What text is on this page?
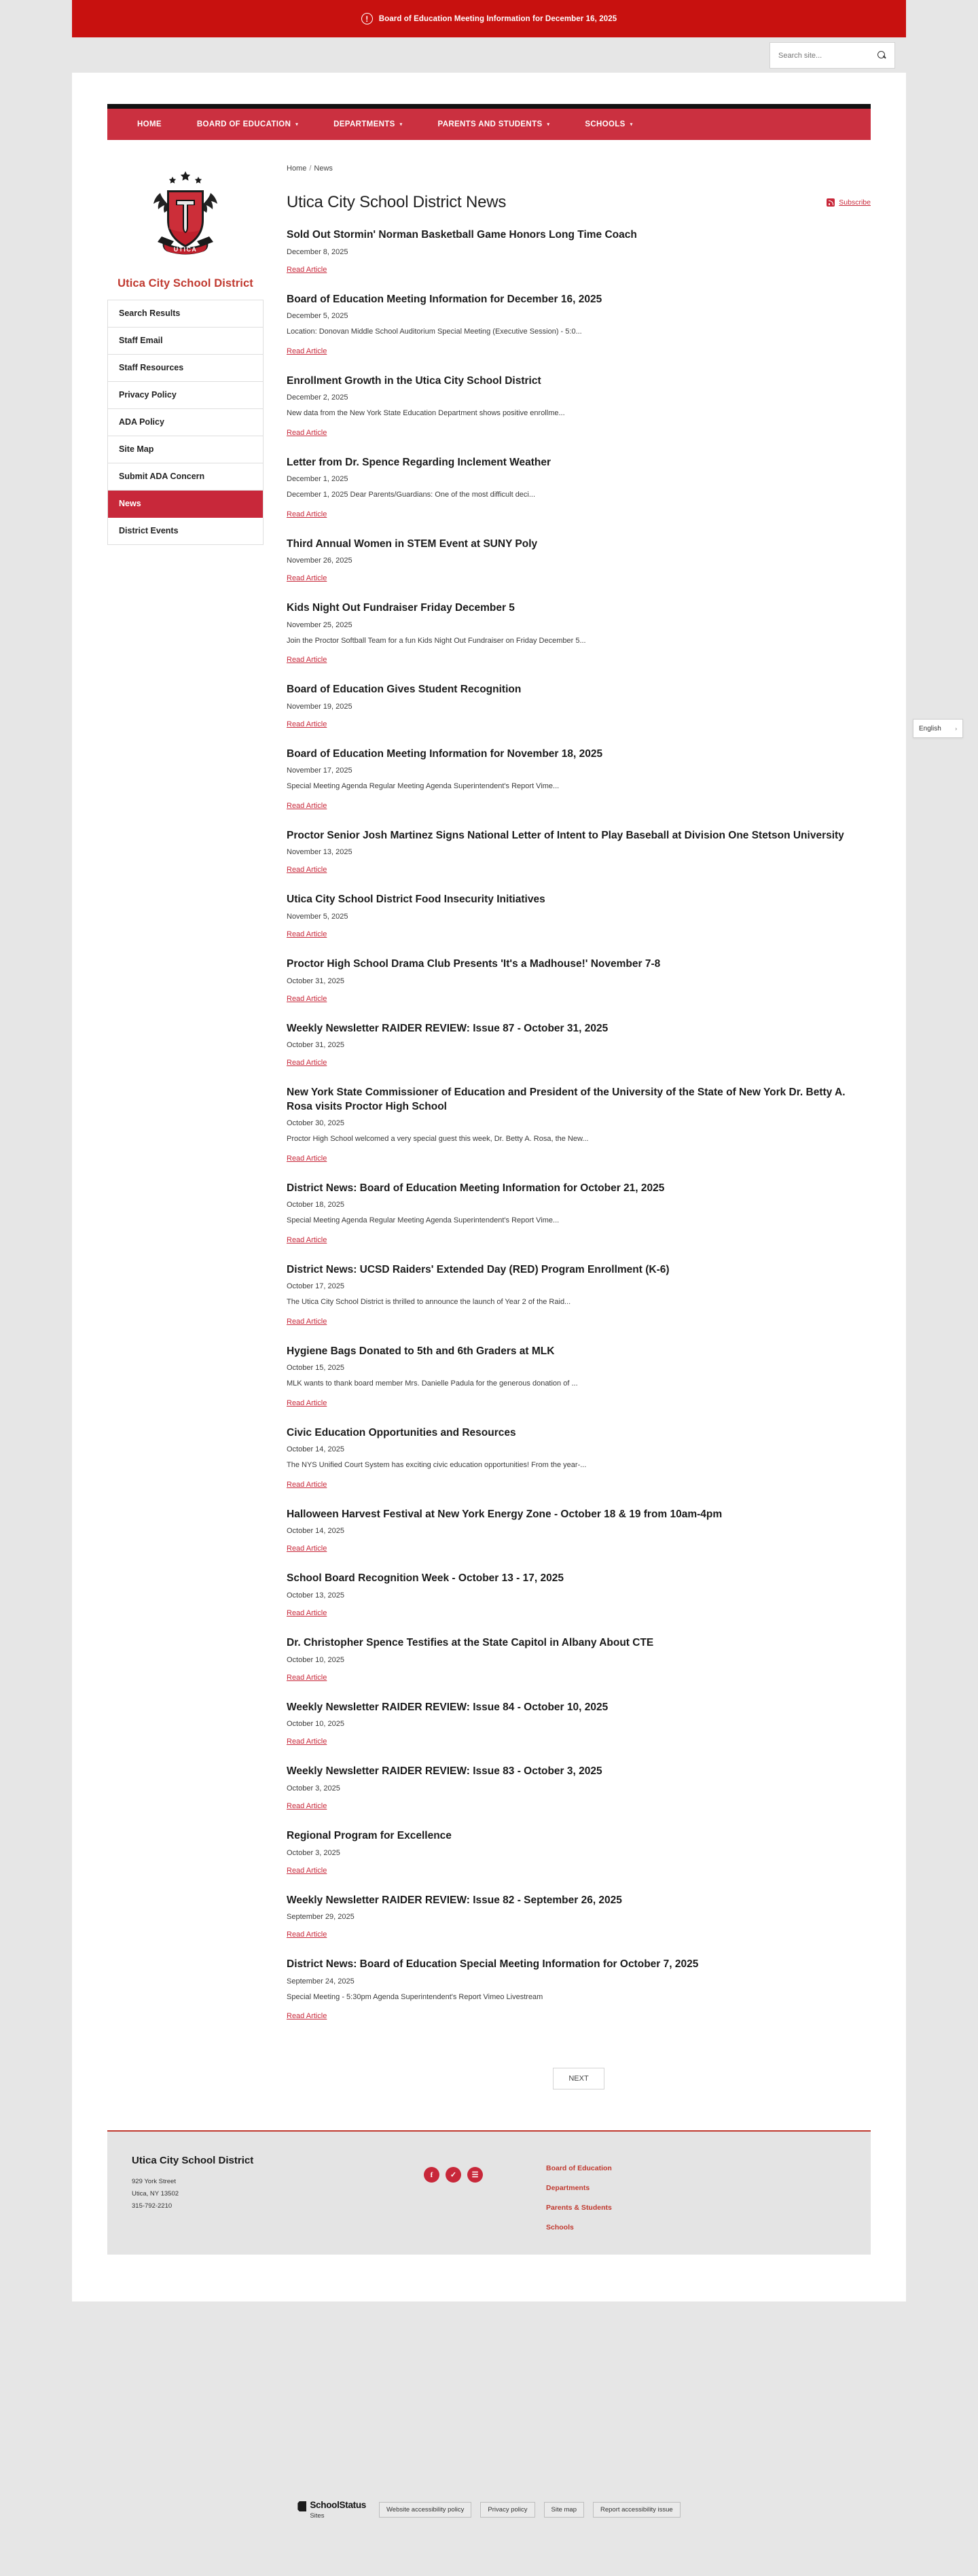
!	Board of Education Meeting Information for December 16, 2025
Search site...
HOME	BOARD OF EDUCATION ▾	DEPARTMENTS ▾	PARENTS AND STUDENTS ▾	SCHOOLS ▾
UTICA
Utica City School District
Search Results
Staff Email
Staff Resources
Privacy Policy
ADA Policy
Site Map
Submit ADA Concern
News
District Events
Home / News
Utica City School District News	Subscribe
Sold Out Stormin' Norman Basketball Game Honors Long Time Coach
December 8, 2025
Read Article
Board of Education Meeting Information for December 16, 2025
December 5, 2025
Location: Donovan Middle School Auditorium Special Meeting (Executive Session) - 5:0...
Read Article
Enrollment Growth in the Utica City School District
December 2, 2025
New data from the New York State Education Department shows positive enrollme...
Read Article
Letter from Dr. Spence Regarding Inclement Weather
December 1, 2025
December 1, 2025 Dear Parents/Guardians: One of the most difficult deci...
Read Article
Third Annual Women in STEM Event at SUNY Poly
November 26, 2025
Read Article
Kids Night Out Fundraiser Friday December 5
November 25, 2025
Join the Proctor Softball Team for a fun Kids Night Out Fundraiser on Friday December 5...
Read Article
Board of Education Gives Student Recognition
November 19, 2025
Read Article
Board of Education Meeting Information for November 18, 2025
November 17, 2025
Special Meeting Agenda Regular Meeting Agenda Superintendent's Report Vime...
Read Article
Proctor Senior Josh Martinez Signs National Letter of Intent to Play Baseball at Division One Stetson University
November 13, 2025
Read Article
Utica City School District Food Insecurity Initiatives
November 5, 2025
Read Article
Proctor High School Drama Club Presents 'It's a Madhouse!' November 7-8
October 31, 2025
Read Article
Weekly Newsletter RAIDER REVIEW: Issue 87 - October 31, 2025
October 31, 2025
Read Article
New York State Commissioner of Education and President of the University of the State of New York Dr. Betty A. Rosa visits Proctor High School
October 30, 2025
Proctor High School welcomed a very special guest this week, Dr. Betty A. Rosa, the New...
Read Article
District News: Board of Education Meeting Information for October 21, 2025
October 18, 2025
Special Meeting Agenda Regular Meeting Agenda Superintendent's Report Vime...
Read Article
District News: UCSD Raiders' Extended Day (RED) Program Enrollment (K-6)
October 17, 2025
The Utica City School District is thrilled to announce the launch of Year 2 of the Raid...
Read Article
Hygiene Bags Donated to 5th and 6th Graders at MLK
October 15, 2025
MLK wants to thank board member Mrs. Danielle Padula for the generous donation of ...
Read Article
Civic Education Opportunities and Resources
October 14, 2025
The NYS Unified Court System has exciting civic education opportunities! From the year-...
Read Article
Halloween Harvest Festival at New York Energy Zone - October 18 & 19 from 10am-4pm
October 14, 2025
Read Article
School Board Recognition Week - October 13 - 17, 2025
October 13, 2025
Read Article
Dr. Christopher Spence Testifies at the State Capitol in Albany About CTE
October 10, 2025
Read Article
Weekly Newsletter RAIDER REVIEW: Issue 84 - October 10, 2025
October 10, 2025
Read Article
Weekly Newsletter RAIDER REVIEW: Issue 83 - October 3, 2025
October 3, 2025
Read Article
Regional Program for Excellence
October 3, 2025
Read Article
Weekly Newsletter RAIDER REVIEW: Issue 82 - September 26, 2025
September 29, 2025
Read Article
District News: Board of Education Special Meeting Information for October 7, 2025
September 24, 2025
Special Meeting - 5:30pm Agenda Superintendent's Report Vimeo Livestream
Read Article
NEXT
Utica City School District
929 York Street
Utica, NY 13502
315-792-2210
f	✓	☰
Board of Education
Departments
Parents & Students
Schools
English	›
SchoolStatus
Sites
Website accessibility policy	Privacy policy	Site map	Report accessibility issue
